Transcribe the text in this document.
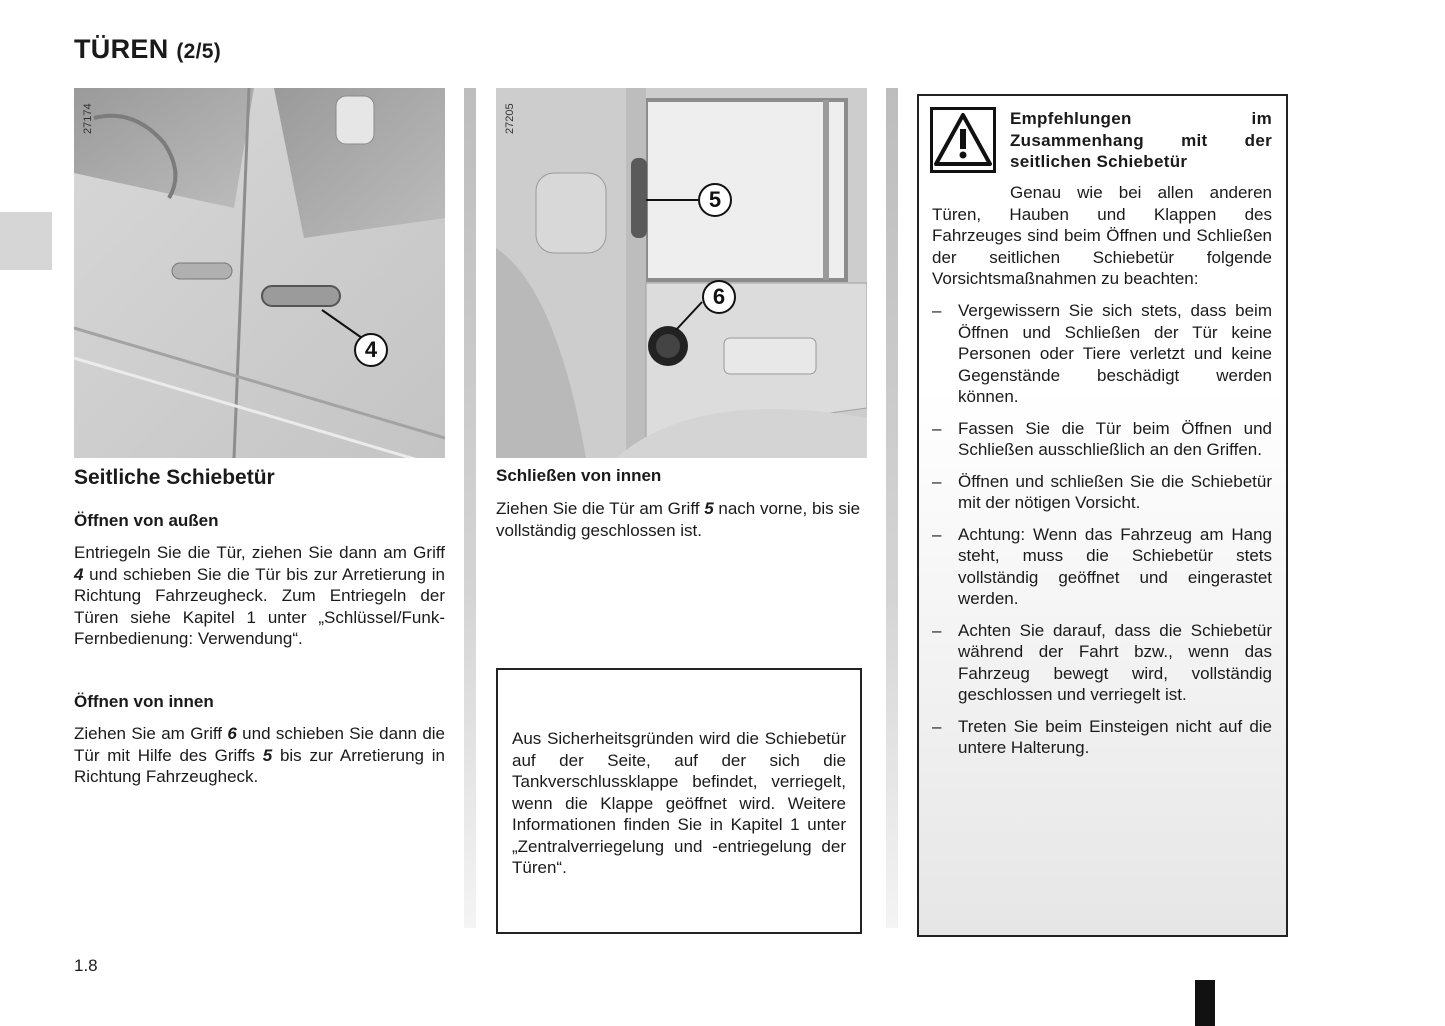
TÜREN (2/5)
27174
4
27205
5
6
Seitliche Schiebetür
Öffnen von außen
Entriegeln Sie die Tür, ziehen Sie dann am Griff 4 und schieben Sie die Tür bis zur Arretierung in Richtung Fahrzeugheck. Zum Entriegeln der Türen siehe Kapitel 1 unter „Schlüssel/Funk-Fernbedienung: Verwendung“.
Öffnen von innen
Ziehen Sie am Griff 6 und schieben Sie dann die Tür mit Hilfe des Griffs 5 bis zur Arretierung in Richtung Fahrzeugheck.
Schließen von innen
Ziehen Sie die Tür am Griff 5 nach vorne, bis sie vollständig geschlossen ist.
Aus Sicherheitsgründen wird die Schiebetür auf der Seite, auf der sich die Tankverschlussklappe befindet, verriegelt, wenn die Klappe geöffnet wird. Weitere Informationen finden Sie in Kapitel 1 unter „Zentralverriegelung und -entriegelung der Türen“.
Empfehlungen im Zusammenhang mit der seitlichen Schiebetür
Genau wie bei allen anderen Türen, Hauben und Klappen des Fahrzeuges sind beim Öffnen und Schließen der seitlichen Schiebetür folgende Vorsichtsmaßnahmen zu beachten:
– Vergewissern Sie sich stets, dass beim Öffnen und Schließen der Tür keine Personen oder Tiere verletzt und keine Gegenstände beschädigt werden können.
– Fassen Sie die Tür beim Öffnen und Schließen ausschließlich an den Griffen.
– Öffnen und schließen Sie die Schiebetür mit der nötigen Vorsicht.
– Achtung: Wenn das Fahrzeug am Hang steht, muss die Schiebetür stets vollständig geöffnet und eingerastet werden.
– Achten Sie darauf, dass die Schiebetür während der Fahrt bzw., wenn das Fahrzeug bewegt wird, vollständig geschlossen und verriegelt ist.
– Treten Sie beim Einsteigen nicht auf die untere Halterung.
1.8
